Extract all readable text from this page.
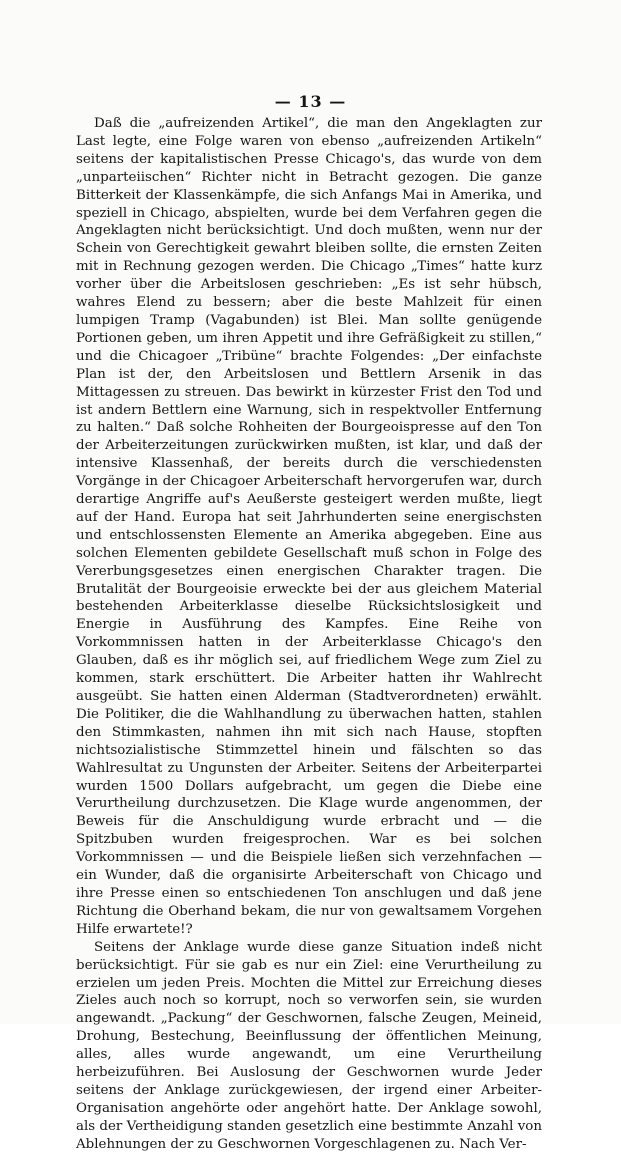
— 13 —

Daß die „aufreizenden Artikel“, die man den Angeklagten zur Last legte, eine Folge waren von ebenso „aufreizenden Artikeln“ seitens der kapitalistischen Presse Chicago's, das wurde von dem „unparteiischen“ Richter nicht in Betracht gezogen. Die ganze Bitterkeit der Klassenkämpfe, die sich Anfangs Mai in Amerika, und speziell in Chicago, abspielten, wurde bei dem Verfahren gegen die Angeklagten nicht berücksichtigt. Und doch mußten, wenn nur der Schein von Gerechtigkeit gewahrt bleiben sollte, die ernsten Zeiten mit in Rechnung gezogen werden. Die Chicago „Times“ hatte kurz vorher über die Arbeitslosen geschrieben: „Es ist sehr hübsch, wahres Elend zu bessern; aber die beste Mahlzeit für einen lumpigen Tramp (Vagabunden) ist Blei. Man sollte genügende Portionen geben, um ihren Appetit und ihre Gefräßigkeit zu stillen,“ und die Chicagoer „Tribüne“ brachte Folgendes: „Der einfachste Plan ist der, den Arbeitslosen und Bettlern Arsenik in das Mittagessen zu streuen. Das bewirkt in kürzester Frist den Tod und ist andern Bettlern eine Warnung, sich in respektvoller Entfernung zu halten.“ Daß solche Rohheiten der Bourgeoispresse auf den Ton der Arbeiterzeitungen zurückwirken mußten, ist klar, und daß der intensive Klassenhaß, der bereits durch die verschiedensten Vorgänge in der Chicagoer Arbeiterschaft hervorgerufen war, durch derartige Angriffe auf's Aeußerste gesteigert werden mußte, liegt auf der Hand. Europa hat seit Jahrhunderten seine energischsten und entschlossensten Elemente an Amerika abgegeben. Eine aus solchen Elementen gebildete Gesellschaft muß schon in Folge des Vererbungsgesetzes einen energischen Charakter tragen. Die Brutalität der Bourgeoisie erweckte bei der aus gleichem Material bestehenden Arbeiterklasse dieselbe Rücksichtslosigkeit und Energie in Ausführung des Kampfes. Eine Reihe von Vorkommnissen hatten in der Arbeiterklasse Chicago's den Glauben, daß es ihr möglich sei, auf friedlichem Wege zum Ziel zu kommen, stark erschüttert. Die Arbeiter hatten ihr Wahlrecht ausgeübt. Sie hatten einen Alderman (Stadtverordneten) erwählt. Die Politiker, die die Wahlhandlung zu überwachen hatten, stahlen den Stimmkasten, nahmen ihn mit sich nach Hause, stopften nichtsozialistische Stimmzettel hinein und fälschten so das Wahlresultat zu Ungunsten der Arbeiter. Seitens der Arbeiterpartei wurden 1500 Dollars aufgebracht, um gegen die Diebe eine Verurtheilung durchzusetzen. Die Klage wurde angenommen, der Beweis für die Anschuldigung wurde erbracht und — die Spitzbuben wurden freigesprochen. War es bei solchen Vorkommnissen — und die Beispiele ließen sich verzehnfachen — ein Wunder, daß die organisirte Arbeiterschaft von Chicago und ihre Presse einen so entschiedenen Ton anschlugen und daß jene Richtung die Oberhand bekam, die nur von gewaltsamem Vorgehen Hilfe erwartete!?

Seitens der Anklage wurde diese ganze Situation indeß nicht berücksichtigt. Für sie gab es nur ein Ziel: eine Verurtheilung zu erzielen um jeden Preis. Mochten die Mittel zur Erreichung dieses Zieles auch noch so korrupt, noch so verworfen sein, sie wurden angewandt. „Packung“ der Geschwornen, falsche Zeugen, Meineid, Drohung, Bestechung, Beeinflussung der öffentlichen Meinung, alles, alles wurde angewandt, um eine Verurtheilung herbeizuführen. Bei Auslosung der Geschwornen wurde Jeder seitens der Anklage zurückgewiesen, der irgend einer Arbeiter-Organisation angehörte oder angehört hatte. Der Anklage sowohl, als der Vertheidigung standen gesetzlich eine bestimmte Anzahl von Ablehnungen der zu Geschwornen Vorgeschlagenen zu. Nach Ver-
